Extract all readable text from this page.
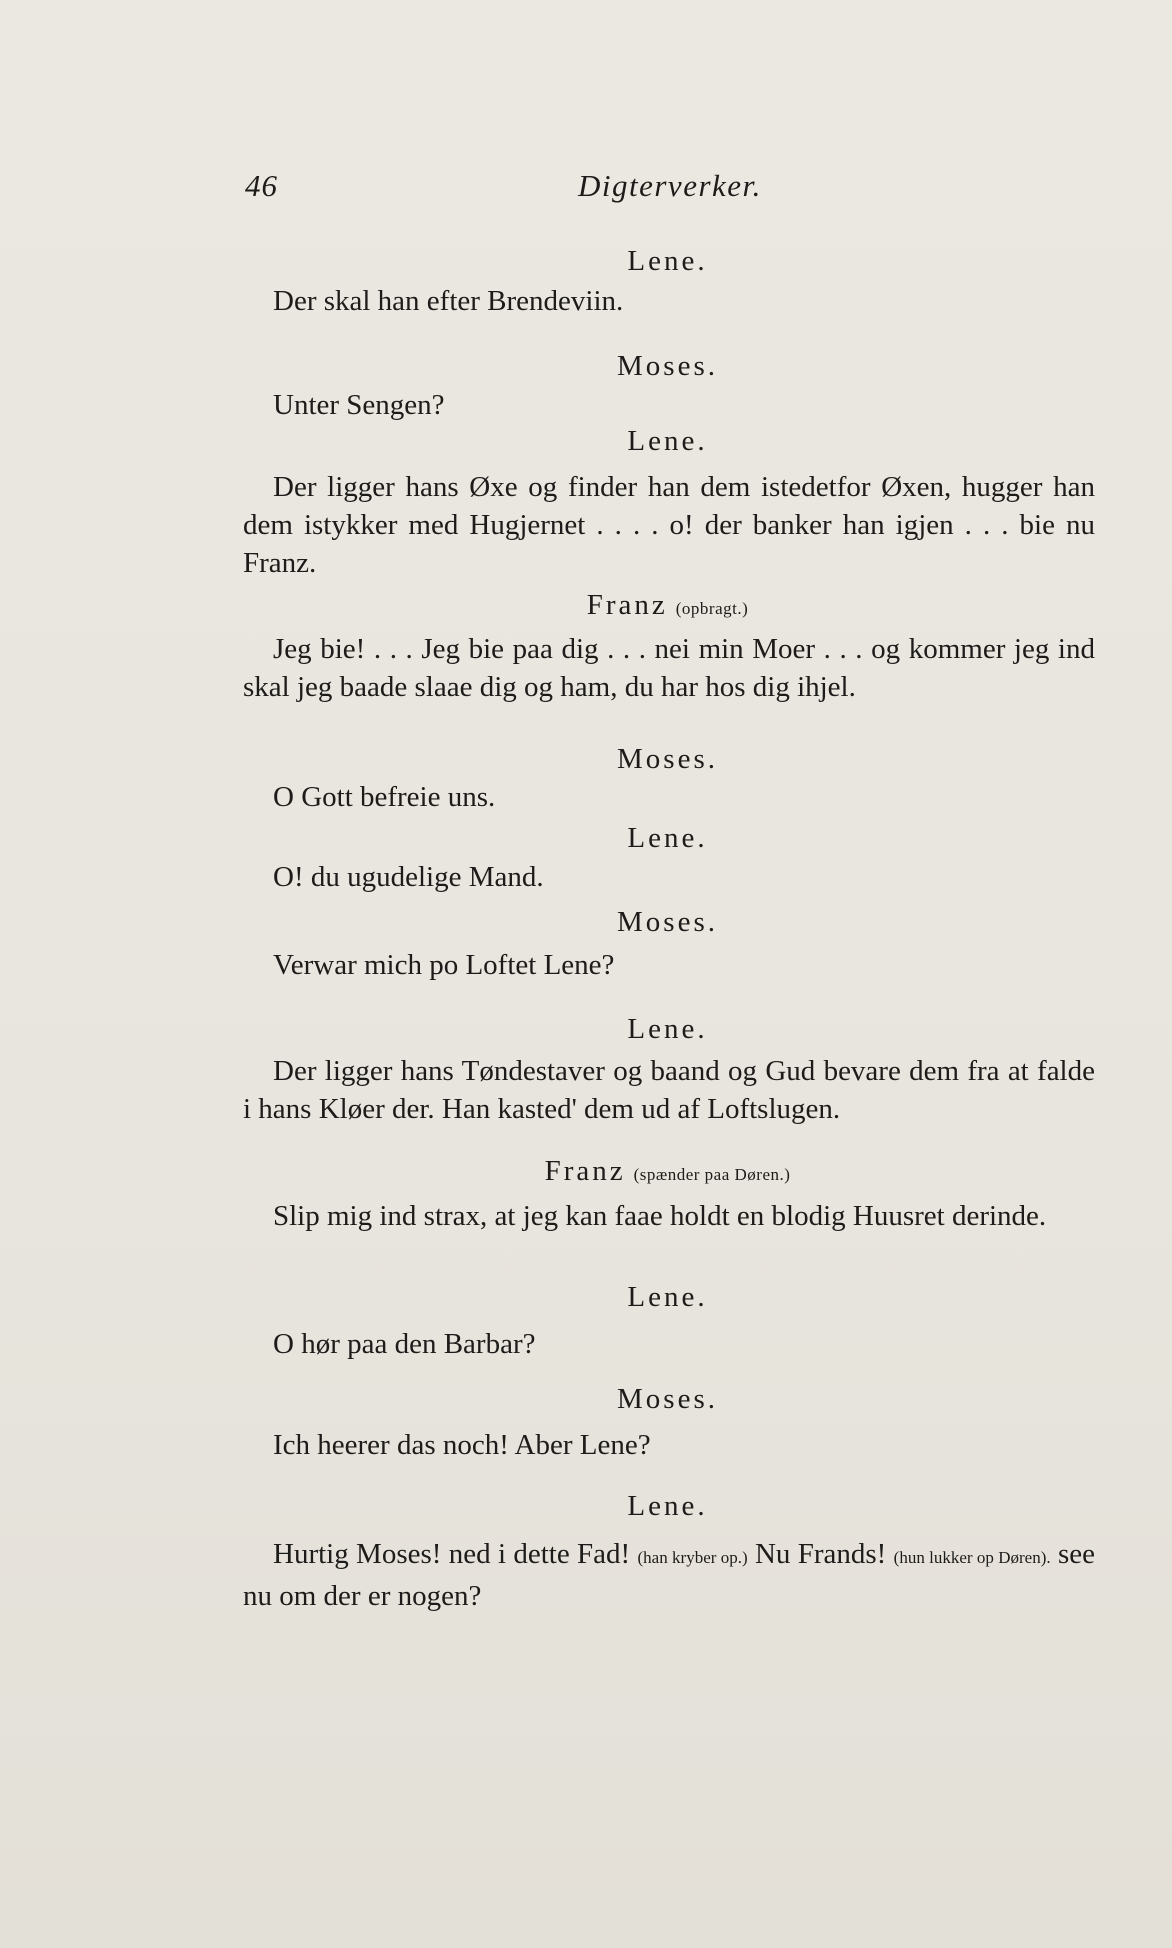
46	Digterverker.
Lene.
Der skal han efter Brendeviin.
Moses.
Unter Sengen?
Lene.
Der ligger hans Øxe og finder han dem istedetfor Øxen, hugger han dem istykker med Hugjernet . . . . o! der banker han igjen . . . bie nu Franz.
Franz (opbragt.)
Jeg bie! . . . Jeg bie paa dig . . . nei min Moer . . . og kommer jeg ind skal jeg baade slaae dig og ham, du har hos dig ihjel.
Moses.
O Gott befreie uns.
Lene.
O! du ugudelige Mand.
Moses.
Verwar mich po Loftet Lene?
Lene.
Der ligger hans Tøndestaver og baand og Gud bevare dem fra at falde i hans Kløer der. Han kasted' dem ud af Loftslugen.
Franz (spænder paa Døren.)
Slip mig ind strax, at jeg kan faae holdt en blodig Huusret derinde.
Lene.
O hør paa den Barbar?
Moses.
Ich heerer das noch! Aber Lene?
Lene.
Hurtig Moses! ned i dette Fad! (han kryber op.) Nu Frands! (hun lukker op Døren). see nu om der er nogen?
